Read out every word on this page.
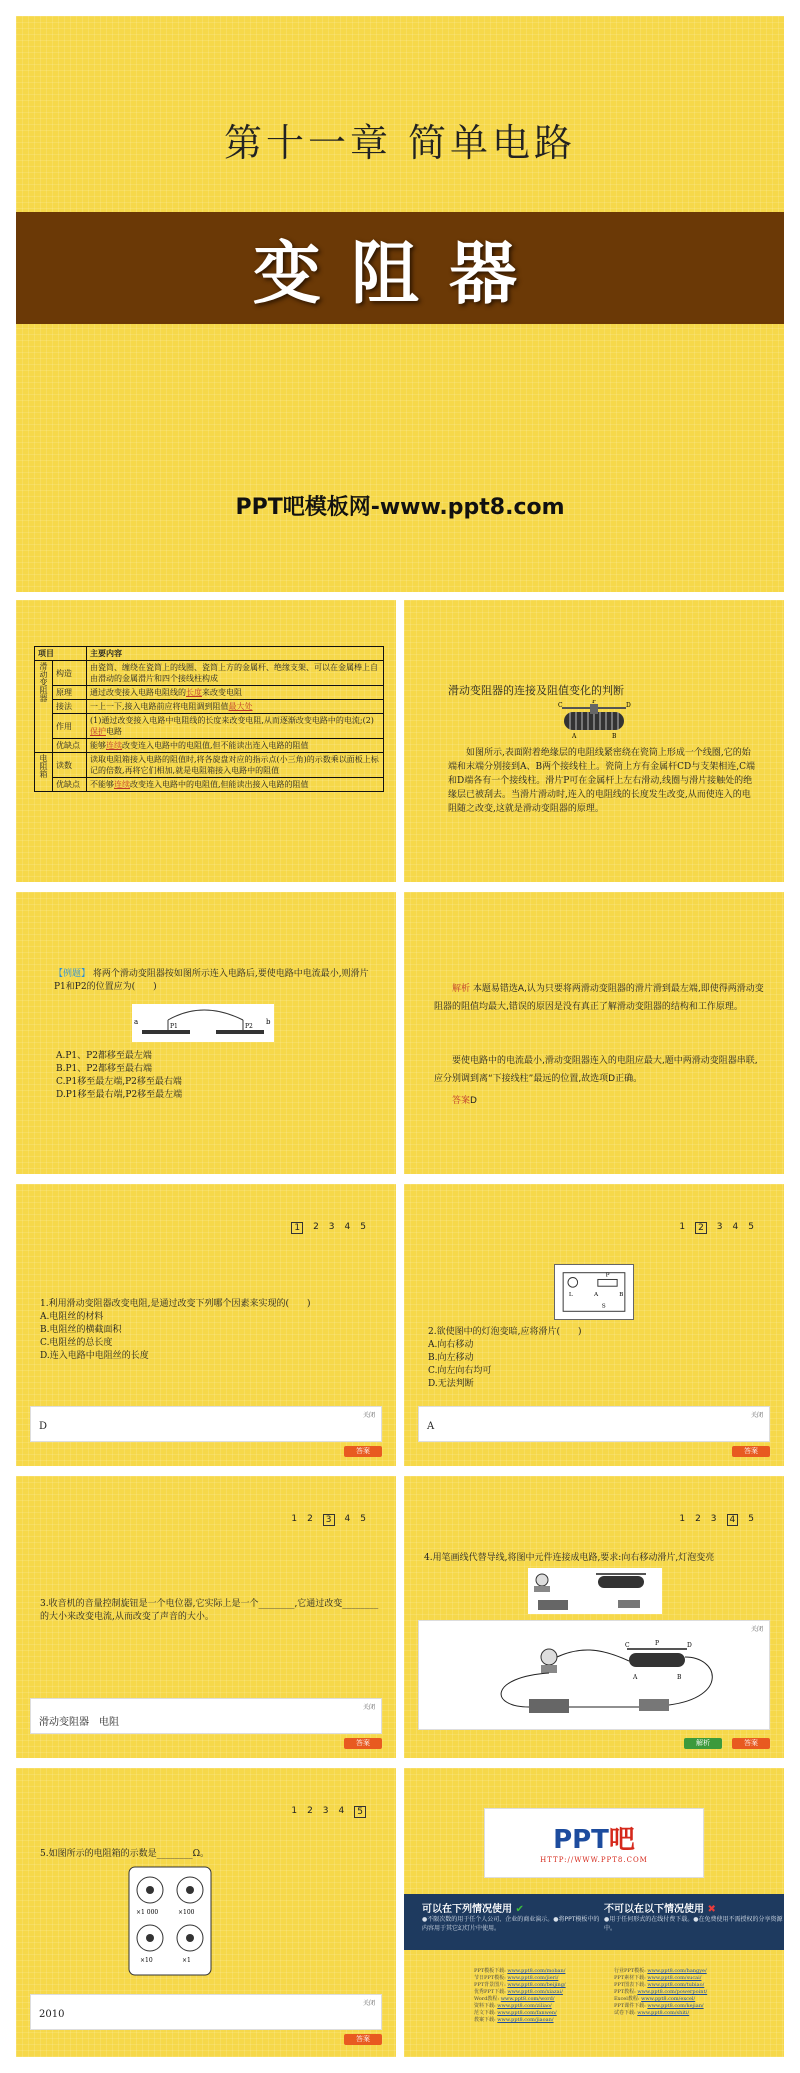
第十一章 简单电路
变阻器
PPT吧模板网-www.ppt8.com
项目		主要内容
滑动变阻器	构造	由瓷筒、缠绕在瓷筒上的线圈、瓷筒上方的金属杆、绝缘支架、可以在金属棒上自由滑动的金属滑片和四个接线柱构成
	原理	通过改变接入电路电阻线的长度来改变电阻
	接法	一上一下,接入电路前应将电阻调到阻值最大处
	作用	(1)通过改变接入电路中电阻线的长度来改变电阻,从而逐渐改变电路中的电流;(2)保护电路
	优缺点	能够连续改变连入电路中的电阻值,但不能读出连入电路的阻值
电阻箱	读数	读取电阻箱接入电路的阻值时,将各旋盘对应的指示点(小三角)的示数乘以面板上标记的倍数,再将它们相加,就是电阻箱接入电路中的阻值
	优缺点	不能够连续改变连入电路中的电阻值,但能读出接入电路的阻值
滑动变阻器的连接及阻值变化的判断
C
P
D
A	B
如图所示,表面附着绝缘层的电阻线紧密绕在瓷筒上形成一个线圈,它的始端和末端分别接到A、B两个接线柱上。瓷筒上方有金属杆CD与支架相连,C端和D端各有一个接线柱。滑片P可在金属杆上左右滑动,线圈与滑片接触处的绝缘层已被刮去。当滑片滑动时,连入的电阻线的长度发生改变,从而使连入的电阻随之改变,这就是滑动变阻器的原理。
【例题】 将两个滑动变阻器按如图所示连入电路后,要使电路中电流最小,则滑片P1和P2的位置应为(　　)
a
P1	P2
b
A.P1、P2都移至最左端
B.P1、P2都移至最右端
C.P1移至最左端,P2移至最右端
D.P1移至最右端,P2移至最左端
解析 本题易错选A,认为只要将两滑动变阻器的滑片滑到最左端,即使得两滑动变阻器的阻值均最大,错误的原因是没有真正了解滑动变阻器的结构和工作原理。
要使电路中的电流最小,滑动变阻器连入的电阻应最大,题中两滑动变阻器串联,应分别调到离“下接线柱”最远的位置,故选项D正确。
答案D
1	2 3 4 5
1.利用滑动变阻器改变电阻,是通过改变下列哪个因素来实现的(　　)
A.电阻丝的材料
B.电阻丝的横截面积
C.电阻丝的总长度
D.连入电路中电阻丝的长度
关闭
D
答案
1	2	3 4 5
L	A
P
B
S
2.欲使图中的灯泡变暗,应将滑片(　　)
A.向右移动
B.向左移动
C.向左向右均可
D.无法判断
关闭
A
答案
1 2	3	4 5
3.收音机的音量控制旋钮是一个电位器,它实际上是一个________,它通过改变________的大小来改变电流,从而改变了声音的大小。
关闭
滑动变阻器　电阻
答案
1 2 3	4	5
4.用笔画线代替导线,将图中元件连接成电路,要求:向右移动滑片,灯泡变亮
关闭
C	P	D
A	B
解析	答案
1 2 3 4	5
5.如图所示的电阻箱的示数是________Ω。
×1 000	×100
×10	×1
关闭
2010
答案
PPT吧
HTTP://WWW.PPT8.COM
可以在下列情况使用 ✔

●不限次数的用于任个人公司、企业的商业演示。●将PPT模板中的内容用于其它幻灯片中使用。

不可以在以下情况使用 ✖

●用于任何形式的在线付费下载。●在免费使用不需授权的分享资源中。

PPT模板下载: www.ppt8.com/moban/
节日PPT模板: www.ppt8.com/jieri/
PPT背景图片: www.ppt8.com/beijing/
优秀PPT下载: www.ppt8.com/xiazai/
Word教程: www.ppt8.com/word/
资料下载: www.ppt8.com/ziliao/
范文下载: www.ppt8.com/fanwen/
教案下载: www.ppt8.com/jiaoan/
行业PPT模板: www.ppt8.com/hangye/
PPT素材下载: www.ppt8.com/sucai/
PPT图表下载: www.ppt8.com/tubiao/
PPT教程: www.ppt8.com/powerpoint/
Excel教程: www.ppt8.com/excel/
PPT课件下载: www.ppt8.com/kejian/
试卷下载: www.ppt8.com/shiti/
